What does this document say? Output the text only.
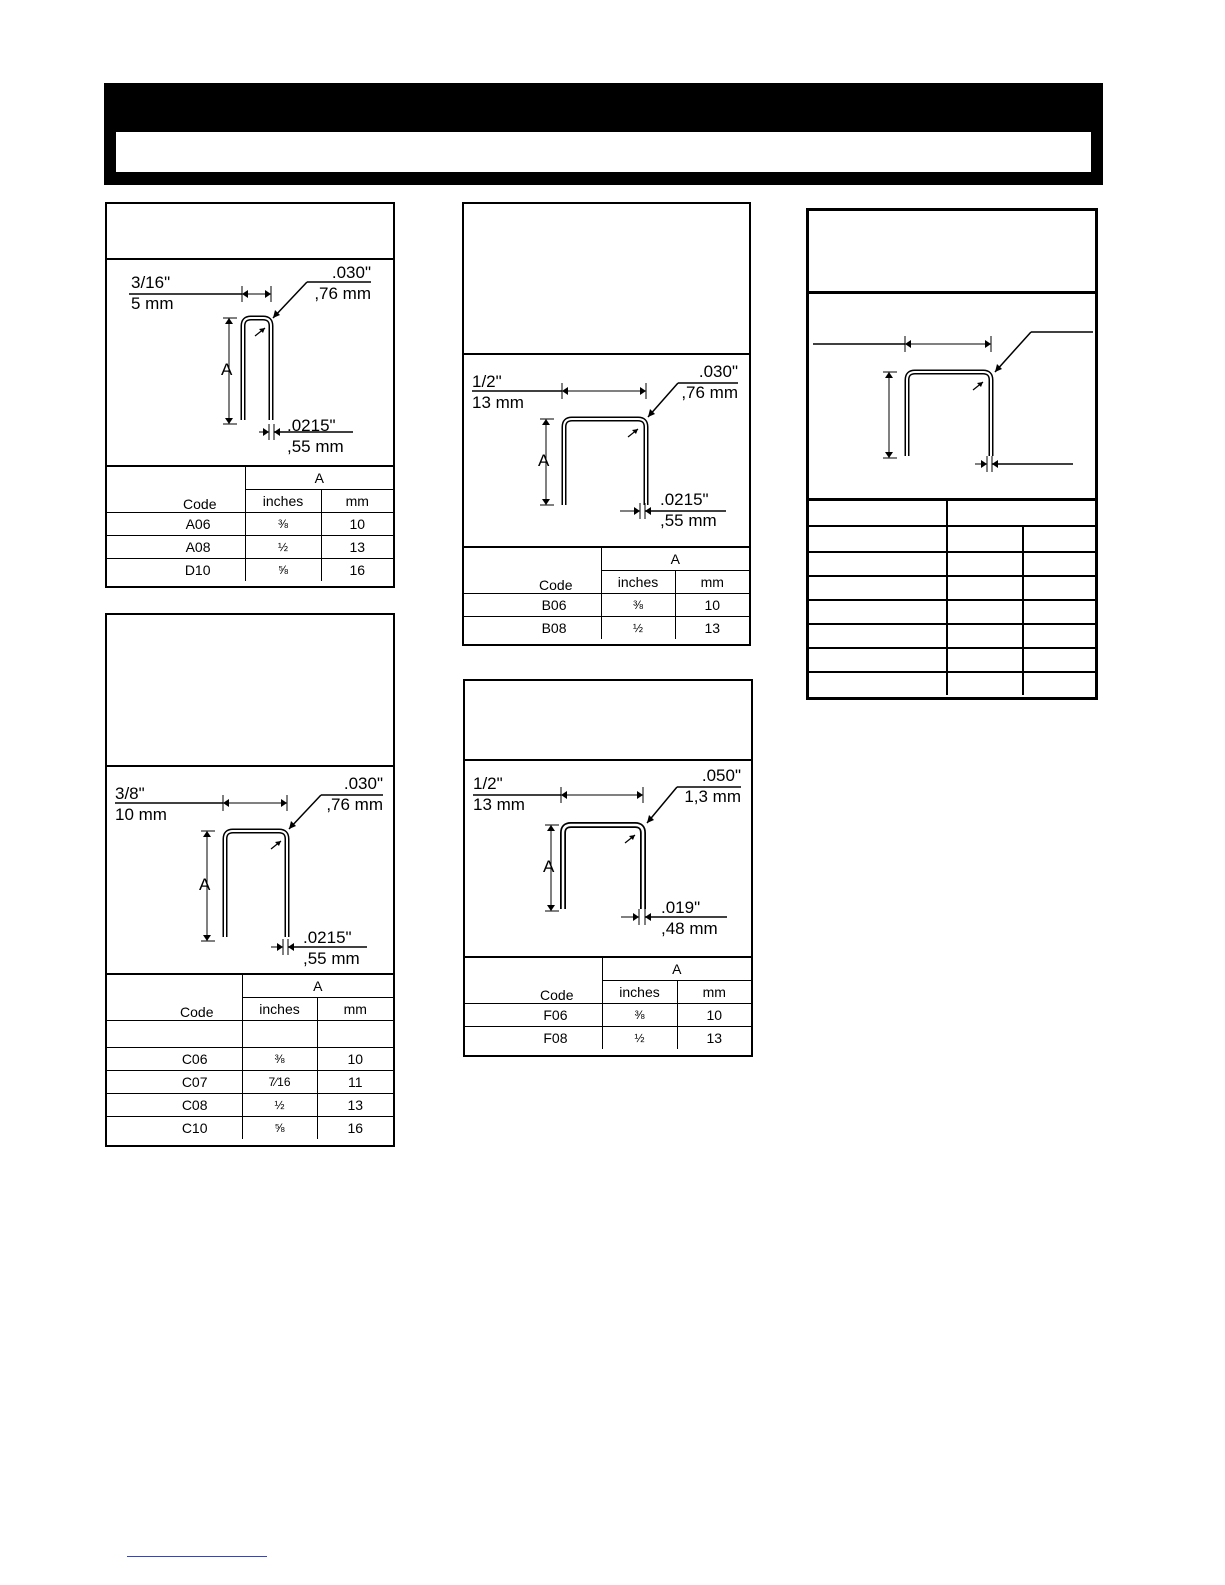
3/16"
5 mm
.030"
,76 mm
.0215"
,55 mm
A
Code	A	
	inches	mm
A06	⅜	10
A08	½	13
D10	⅝	16
3/8"
10 mm
.030"
,76 mm
.0215"
,55 mm
A
Code	A	
	inches	mm

C06	⅜	10
C07	7⁄16	11
C08	½	13
C10	⅝	16
1/2"
13 mm
.030"
,76 mm
.0215"
,55 mm
A
Code	A	
	inches	mm
B06	⅜	10
B08	½	13
1/2"
13 mm
.050"
1,3 mm
.019"
,48 mm
A
Code	A	
	inches	mm
F06	⅜	10
F08	½	13
